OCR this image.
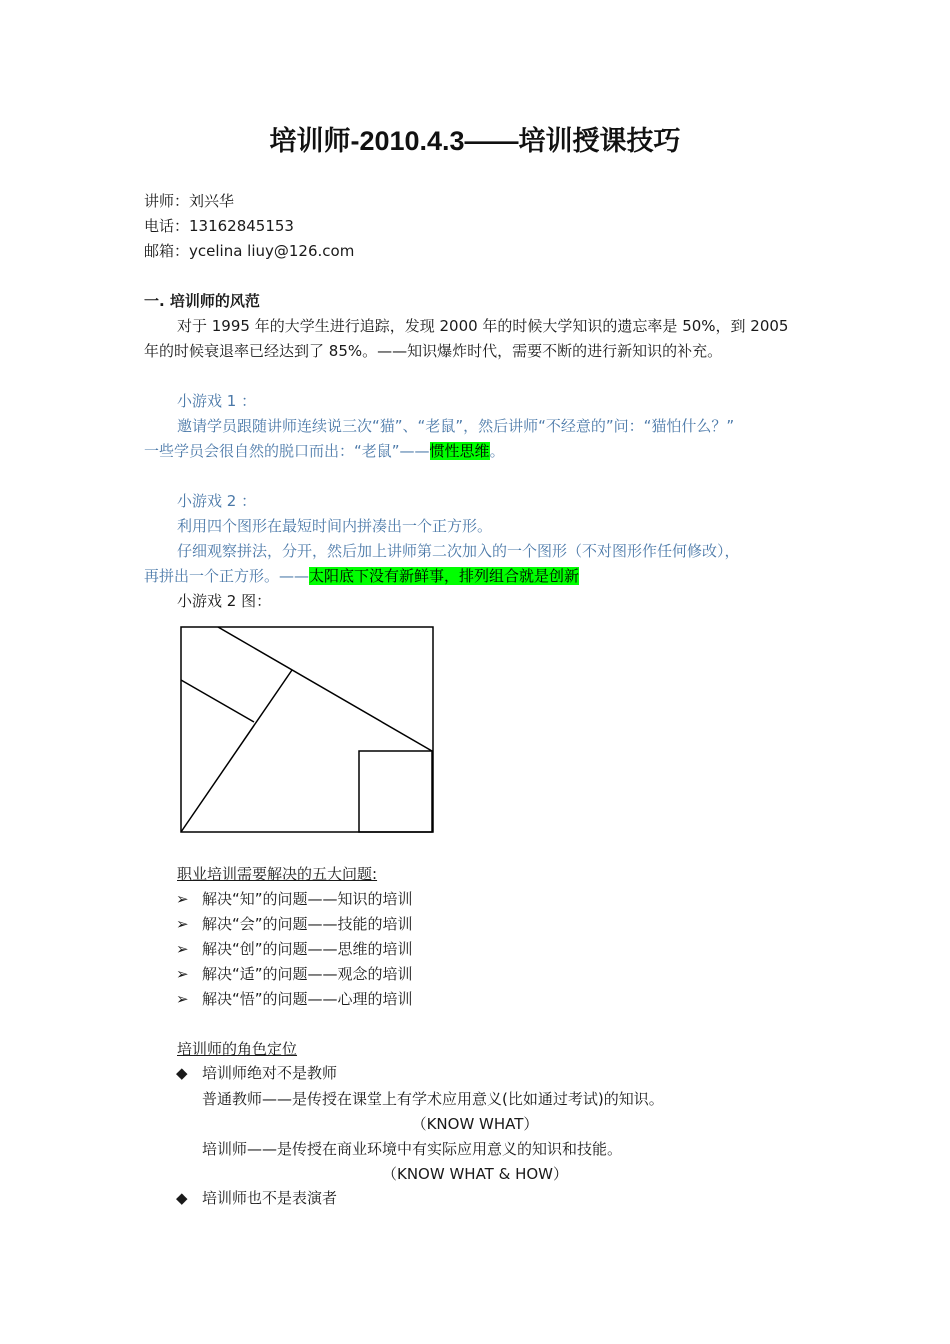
培训师-2010.4.3——培训授课技巧
讲师：刘兴华
电话：13162845153
邮箱：ycelina liuy@126.com
一. 培训师的风范
对于 1995 年的大学生进行追踪，发现 2000 年的时候大学知识的遗忘率是 50%，到 2005
年的时候衰退率已经达到了 85%。——知识爆炸时代，需要不断的进行新知识的补充。
小游戏 1 ：
邀请学员跟随讲师连续说三次“猫”、“老鼠”，然后讲师“不经意的”问：“猫怕什么？”
一些学员会很自然的脱口而出：“老鼠”——惯性思维。
小游戏 2 ：
利用四个图形在最短时间内拼凑出一个正方形。
仔细观察拼法，分开，然后加上讲师第二次加入的一个图形（不对图形作任何修改），
再拼出一个正方形。——太阳底下没有新鲜事，排列组合就是创新
小游戏 2 图：
职业培训需要解决的五大问题:
➢ 解决“知”的问题——知识的培训
➢ 解决“会”的问题——技能的培训
➢ 解决“创”的问题——思维的培训
➢ 解决“适”的问题——观念的培训
➢ 解决“悟”的问题——心理的培训
培训师的角色定位
◆ 培训师绝对不是教师
普通教师——是传授在课堂上有学术应用意义(比如通过考试)的知识。
（KNOW WHAT）
培训师——是传授在商业环境中有实际应用意义的知识和技能。
（KNOW WHAT & HOW）
◆ 培训师也不是表演者
